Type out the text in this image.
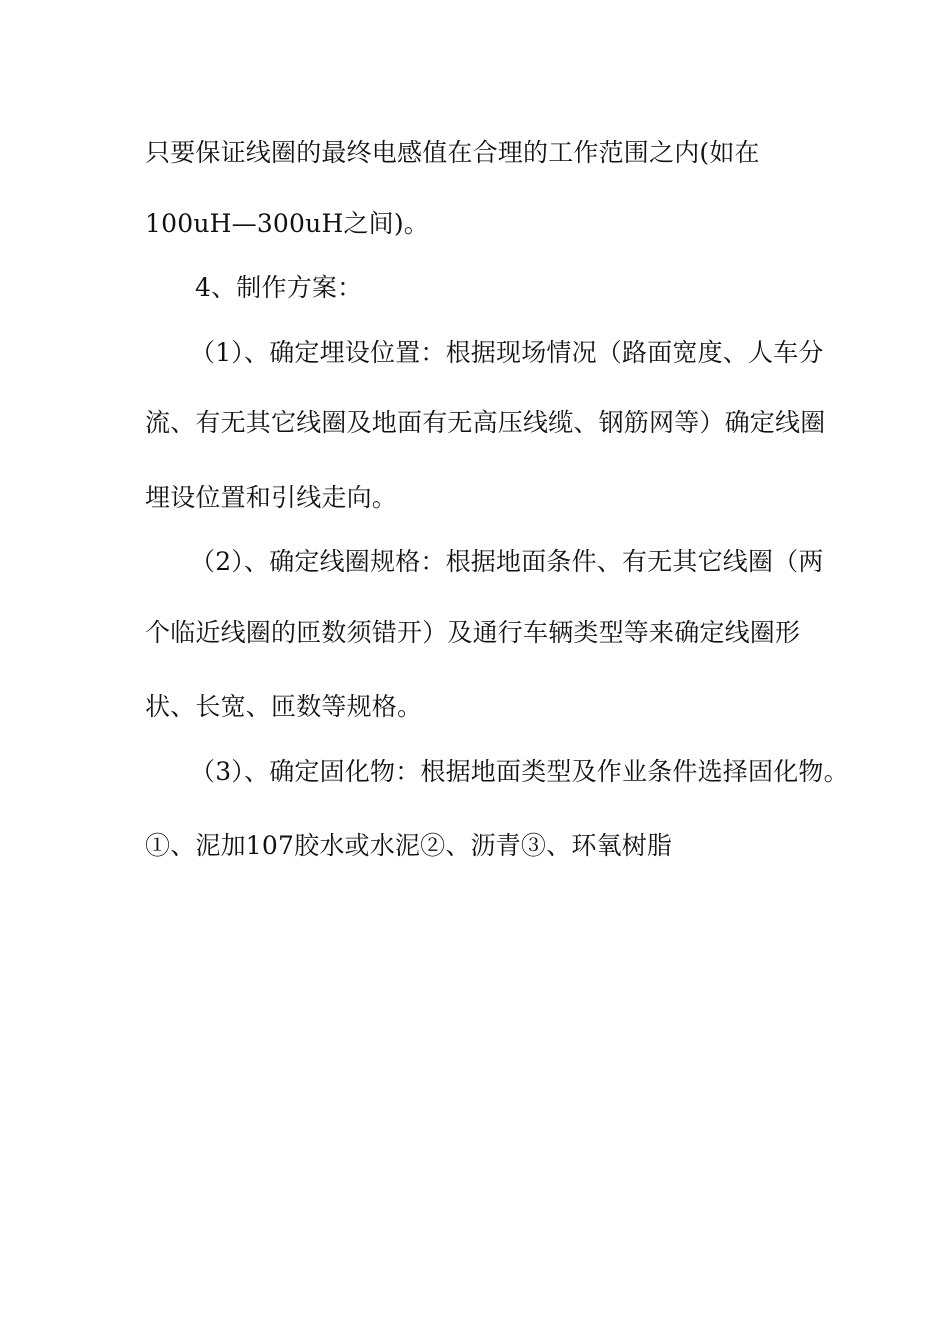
只要保证线圈的最终电感值在合理的工作范围之内(如在

100uH—300uH之间)。

4、制作方案：

（1）、确定埋设位置：根据现场情况（路面宽度、人车分

流、有无其它线圈及地面有无高压线缆、钢筋网等）确定线圈

埋设位置和引线走向。

（2）、确定线圈规格：根据地面条件、有无其它线圈（两

个临近线圈的匝数须错开）及通行车辆类型等来确定线圈形

状、长宽、匝数等规格。

（3）、确定固化物：根据地面类型及作业条件选择固化物。

①、泥加107胶水或水泥②、沥青③、环氧树脂
